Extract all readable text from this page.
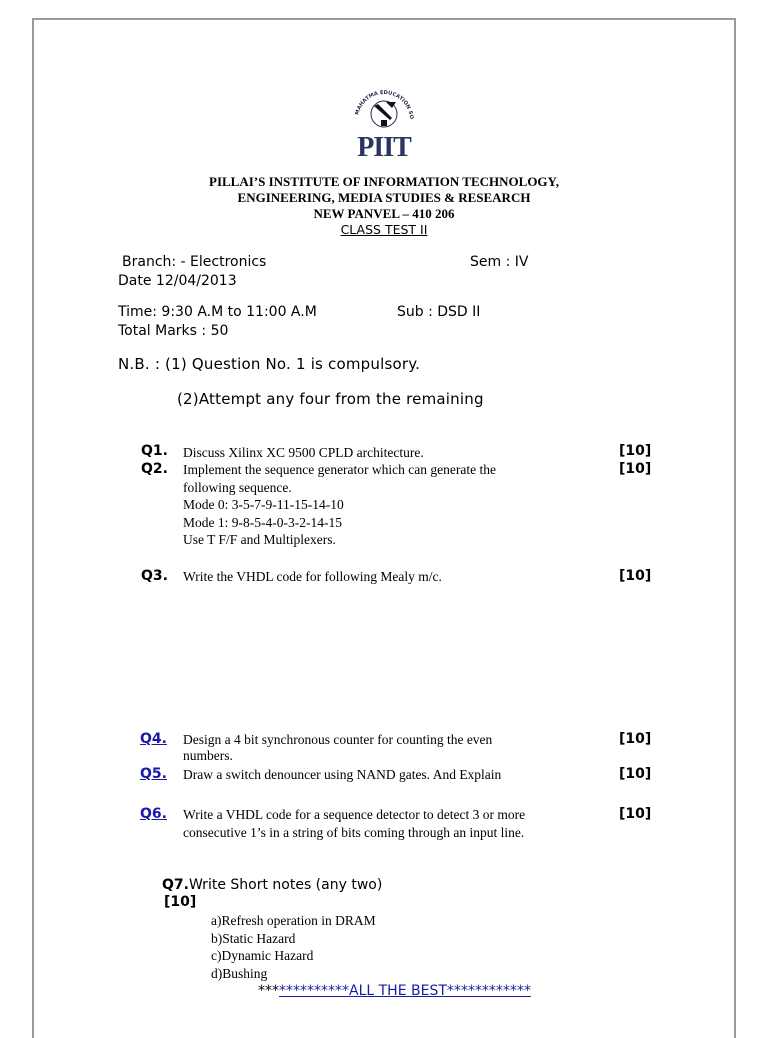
MAHATMA EDUCATION SO
PIIT
PILLAI’S INSTITUTE OF INFORMATION TECHNOLOGY,
ENGINEERING, MEDIA STUDIES & RESEARCH
NEW PANVEL – 410 206
CLASS TEST II
Branch: - Electronics	Sem : IV
Date 12/04/2013
Time: 9:30 A.M to 11:00 A.M	Sub : DSD II
Total Marks : 50
N.B. : (1) Question No. 1 is compulsory.
(2)Attempt any four from the remaining
Q1. Discuss Xilinx XC 9500 CPLD architecture.	[10]
Q2. Implement the sequence generator which can generate the
following sequence.
Mode 0: 3-5-7-9-11-15-14-10
Mode 1: 9-8-5-4-0-3-2-14-15
Use T F/F and Multiplexers.
[10]
Q3. Write the VHDL code for following Mealy m/c.	[10]
Q4. Design a 4 bit synchronous counter for counting the even
numbers.
[10]
Q5. Draw a switch denouncer using NAND gates. And Explain	[10]
Q6. Write a VHDL code for a sequence detector to detect 3 or more
consecutive 1’s in a string of bits coming through an input line.
[10]
Q7.Write Short notes (any two)
[10]
a)Refresh operation in DRAM
b)Static Hazard
c)Dynamic Hazard
d)Bushing
*************ALL THE BEST************
